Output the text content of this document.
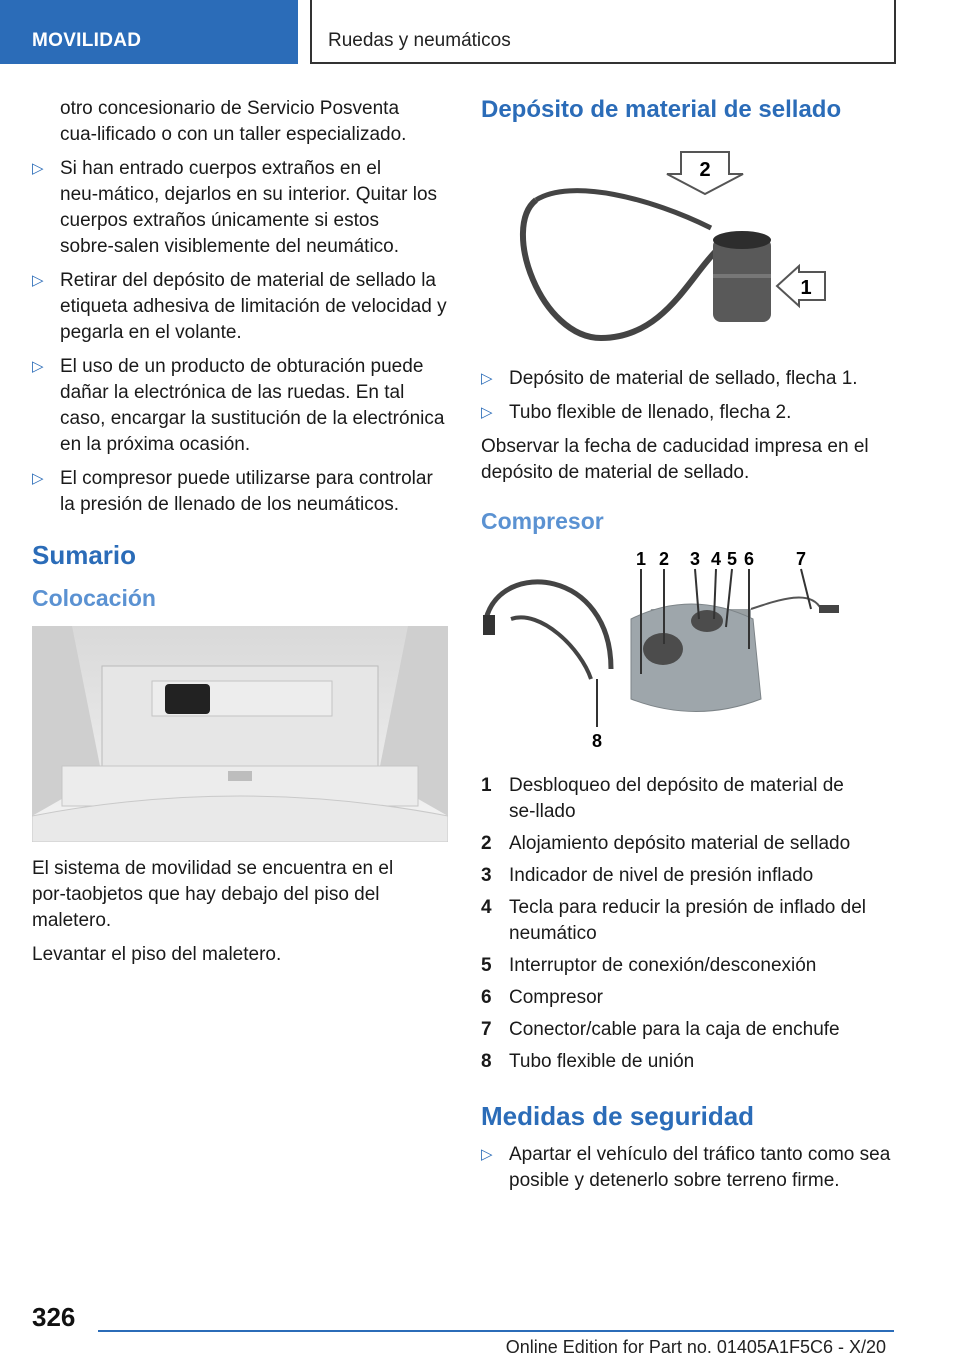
MOVILIDAD	Ruedas y neumáticos

otro concesionario de Servicio Posventa cua‑lificado o con un taller especializado.

▷ Si han entrado cuerpos extraños en el neu‑mático, dejarlos en su interior. Quitar los cuerpos extraños únicamente si estos sobre‑salen visiblemente del neumático.
▷ Retirar del depósito de material de sellado la etiqueta adhesiva de limitación de velocidad y pegarla en el volante.
▷ El uso de un producto de obturación puede dañar la electrónica de las ruedas. En tal caso, encargar la sustitución de la electrónica en la próxima ocasión.
▷ El compresor puede utilizarse para controlar la presión de llenado de los neumáticos.
Sumario
Colocación

El sistema de movilidad se encuentra en el por‑taobjetos que hay debajo del piso del maletero.

Levantar el piso del maletero.

Depósito de material de sellado
2
1
▷ Depósito de material de sellado, flecha 1.
▷ Tubo flexible de llenado, flecha 2.

Observar la fecha de caducidad impresa en el depósito de material de sellado.

Compresor
1 2 3 4 5 6 7
8
1 Desbloqueo del depósito de material de se‑llado
2 Alojamiento depósito material de sellado
3 Indicador de nivel de presión inflado
4 Tecla para reducir la presión de inflado del neumático
5 Interruptor de conexión/desconexión
6 Compresor
7 Conector/cable para la caja de enchufe
8 Tubo flexible de unión
Medidas de seguridad
▷ Apartar el vehículo del tráfico tanto como sea posible y detenerlo sobre terreno firme.
326
Online Edition for Part no. 01405A1F5C6 - X/20
